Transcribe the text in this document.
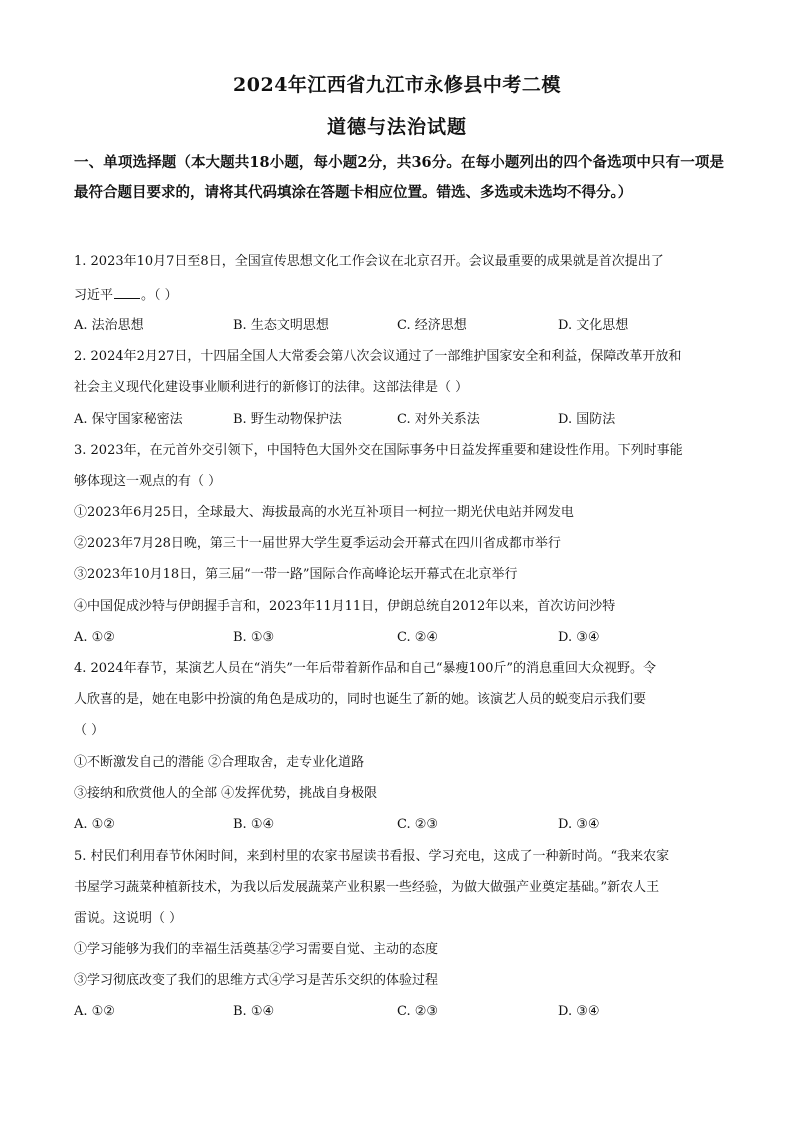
2024年江西省九江市永修县中考二模
道德与法治试题
一、单项选择题（本大题共18小题，每小题2分，共36分。在每小题列出的四个备选项中只有一项是最符合题目要求的，请将其代码填涂在答题卡相应位置。错选、多选或未选均不得分。）
1. 2023年10月7日至8日，全国宣传思想文化工作会议在北京召开。会议最重要的成果就是首次提出了
习近平 。（ ）
A. 法治思想	B. 生态文明思想	C. 经济思想	D. 文化思想
2. 2024年2月27日，十四届全国人大常委会第八次会议通过了一部维护国家安全和利益，保障改革开放和
社会主义现代化建设事业顺利进行的新修订的法律。这部法律是（ ）
A. 保守国家秘密法	B. 野生动物保护法	C. 对外关系法	D. 国防法
3. 2023年，在元首外交引领下，中国特色大国外交在国际事务中日益发挥重要和建设性作用。下列时事能
够体现这一观点的有（ ）
①2023年6月25日，全球最大、海拔最高的水光互补项目一柯拉一期光伏电站并网发电
②2023年7月28日晚，第三十一届世界大学生夏季运动会开幕式在四川省成都市举行
③2023年10月18日，第三届“一带一路”国际合作高峰论坛开幕式在北京举行
④中国促成沙特与伊朗握手言和，2023年11月11日，伊朗总统自2012年以来，首次访问沙特
A. ①②	B. ①③	C. ②④	D. ③④
4. 2024年春节，某演艺人员在“消失”一年后带着新作品和自己“暴瘦100斤”的消息重回大众视野。令
人欣喜的是，她在电影中扮演的角色是成功的，同时也诞生了新的她。该演艺人员的蜕变启示我们要
（ ）
①不断激发自己的潜能 ②合理取舍，走专业化道路
③接纳和欣赏他人的全部 ④发挥优势，挑战自身极限
A. ①②	B. ①④	C. ②③	D. ③④
5. 村民们利用春节休闲时间，来到村里的农家书屋读书看报、学习充电，这成了一种新时尚。“我来农家
书屋学习蔬菜种植新技术，为我以后发展蔬菜产业积累一些经验，为做大做强产业奠定基础。”新农人王
雷说。这说明（ ）
①学习能够为我们的幸福生活奠基②学习需要自觉、主动的态度
③学习彻底改变了我们的思维方式④学习是苦乐交织的体验过程
A. ①②	B. ①④	C. ②③	D. ③④
